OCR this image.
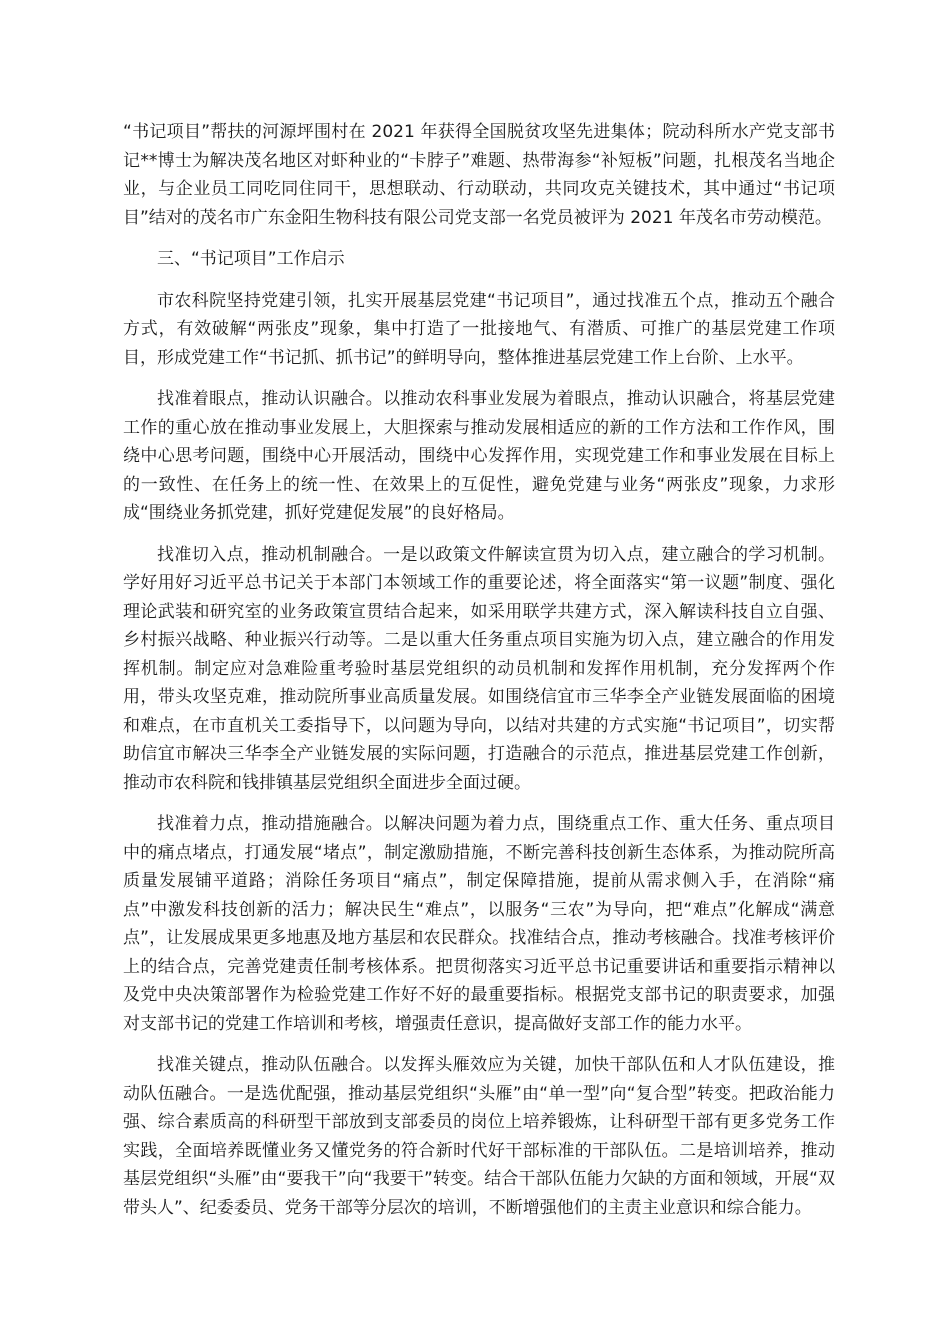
“书记项目”帮扶的河源坪围村在 2021 年获得全国脱贫攻坚先进集体；院动科所水产党支部书记**博士为解决茂名地区对虾种业的“卡脖子”难题、热带海参“补短板”问题，扎根茂名当地企业，与企业员工同吃同住同干，思想联动、行动联动，共同攻克关键技术，其中通过“书记项目”结对的茂名市广东金阳生物科技有限公司党支部一名党员被评为 2021 年茂名市劳动模范。

三、“书记项目”工作启示

市农科院坚持党建引领，扎实开展基层党建“书记项目”，通过找准五个点，推动五个融合方式，有效破解“两张皮”现象，集中打造了一批接地气、有潜质、可推广的基层党建工作项目，形成党建工作“书记抓、抓书记”的鲜明导向，整体推进基层党建工作上台阶、上水平。

找准着眼点，推动认识融合。以推动农科事业发展为着眼点，推动认识融合，将基层党建工作的重心放在推动事业发展上，大胆探索与推动发展相适应的新的工作方法和工作作风，围绕中心思考问题，围绕中心开展活动，围绕中心发挥作用，实现党建工作和事业发展在目标上的一致性、在任务上的统一性、在效果上的互促性，避免党建与业务“两张皮”现象，力求形成“围绕业务抓党建，抓好党建促发展”的良好格局。

找准切入点，推动机制融合。一是以政策文件解读宣贯为切入点，建立融合的学习机制。学好用好习近平总书记关于本部门本领域工作的重要论述，将全面落实“第一议题”制度、强化理论武装和研究室的业务政策宣贯结合起来，如采用联学共建方式，深入解读科技自立自强、乡村振兴战略、种业振兴行动等。二是以重大任务重点项目实施为切入点，建立融合的作用发挥机制。制定应对急难险重考验时基层党组织的动员机制和发挥作用机制，充分发挥两个作用，带头攻坚克难，推动院所事业高质量发展。如围绕信宜市三华李全产业链发展面临的困境和难点，在市直机关工委指导下，以问题为导向，以结对共建的方式实施“书记项目”，切实帮助信宜市解决三华李全产业链发展的实际问题，打造融合的示范点，推进基层党建工作创新，推动市农科院和钱排镇基层党组织全面进步全面过硬。

找准着力点，推动措施融合。以解决问题为着力点，围绕重点工作、重大任务、重点项目中的痛点堵点，打通发展“堵点”，制定激励措施，不断完善科技创新生态体系，为推动院所高质量发展铺平道路；消除任务项目“痛点”，制定保障措施，提前从需求侧入手，在消除“痛点”中激发科技创新的活力；解决民生“难点”，以服务“三农”为导向，把“难点”化解成“满意点”，让发展成果更多地惠及地方基层和农民群众。找准结合点，推动考核融合。找准考核评价上的结合点，完善党建责任制考核体系。把贯彻落实习近平总书记重要讲话和重要指示精神以及党中央决策部署作为检验党建工作好不好的最重要指标。根据党支部书记的职责要求，加强对支部书记的党建工作培训和考核，增强责任意识，提高做好支部工作的能力水平。

找准关键点，推动队伍融合。以发挥头雁效应为关键，加快干部队伍和人才队伍建设，推动队伍融合。一是选优配强，推动基层党组织“头雁”由“单一型”向“复合型”转变。把政治能力强、综合素质高的科研型干部放到支部委员的岗位上培养锻炼，让科研型干部有更多党务工作实践，全面培养既懂业务又懂党务的符合新时代好干部标准的干部队伍。二是培训培养，推动基层党组织“头雁”由“要我干”向“我要干”转变。结合干部队伍能力欠缺的方面和领域，开展“双带头人”、纪委委员、党务干部等分层次的培训，不断增强他们的主责主业意识和综合能力。
